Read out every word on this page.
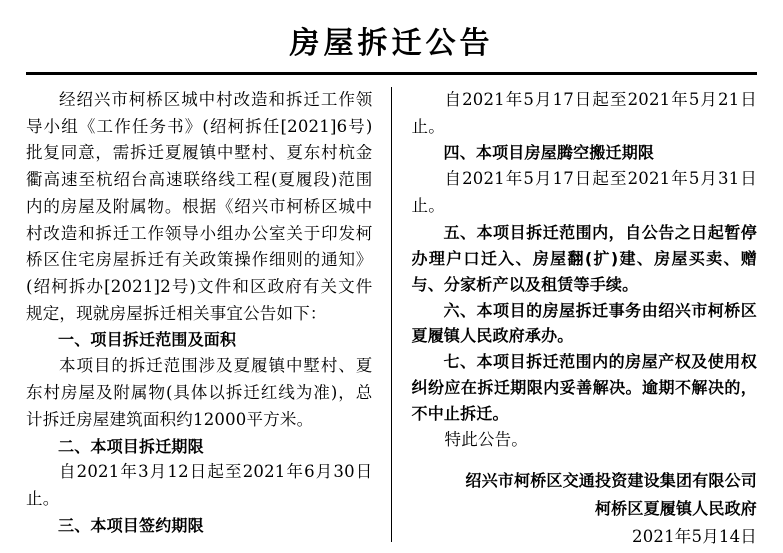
房屋拆迁公告

经绍兴市柯桥区城中村改造和拆迁工作领导小组《工作任务书》(绍柯拆任[2021]6号)批复同意，需拆迁夏履镇中墅村、夏东村杭金衢高速至杭绍台高速联络线工程(夏履段)范围内的房屋及附属物。根据《绍兴市柯桥区城中村改造和拆迁工作领导小组办公室关于印发柯桥区住宅房屋拆迁有关政策操作细则的通知》(绍柯拆办[2021]2号)文件和区政府有关文件规定，现就房屋拆迁相关事宜公告如下：

一、项目拆迁范围及面积

本项目的拆迁范围涉及夏履镇中墅村、夏东村房屋及附属物(具体以拆迁红线为准)，总计拆迁房屋建筑面积约12000平方米。

二、本项目拆迁期限

自2021年3月12日起至2021年6月30日止。

三、本项目签约期限

自2021年5月17日起至2021年5月21日止。

四、本项目房屋腾空搬迁期限

自2021年5月17日起至2021年5月31日止。

五、本项目拆迁范围内，自公告之日起暂停办理户口迁入、房屋翻(扩)建、房屋买卖、赠与、分家析产以及租赁等手续。

六、本项目的房屋拆迁事务由绍兴市柯桥区夏履镇人民政府承办。

七、本项目拆迁范围内的房屋产权及使用权纠纷应在拆迁期限内妥善解决。逾期不解决的，不中止拆迁。

特此公告。

绍兴市柯桥区交通投资建设集团有限公司

柯桥区夏履镇人民政府

2021年5月14日
